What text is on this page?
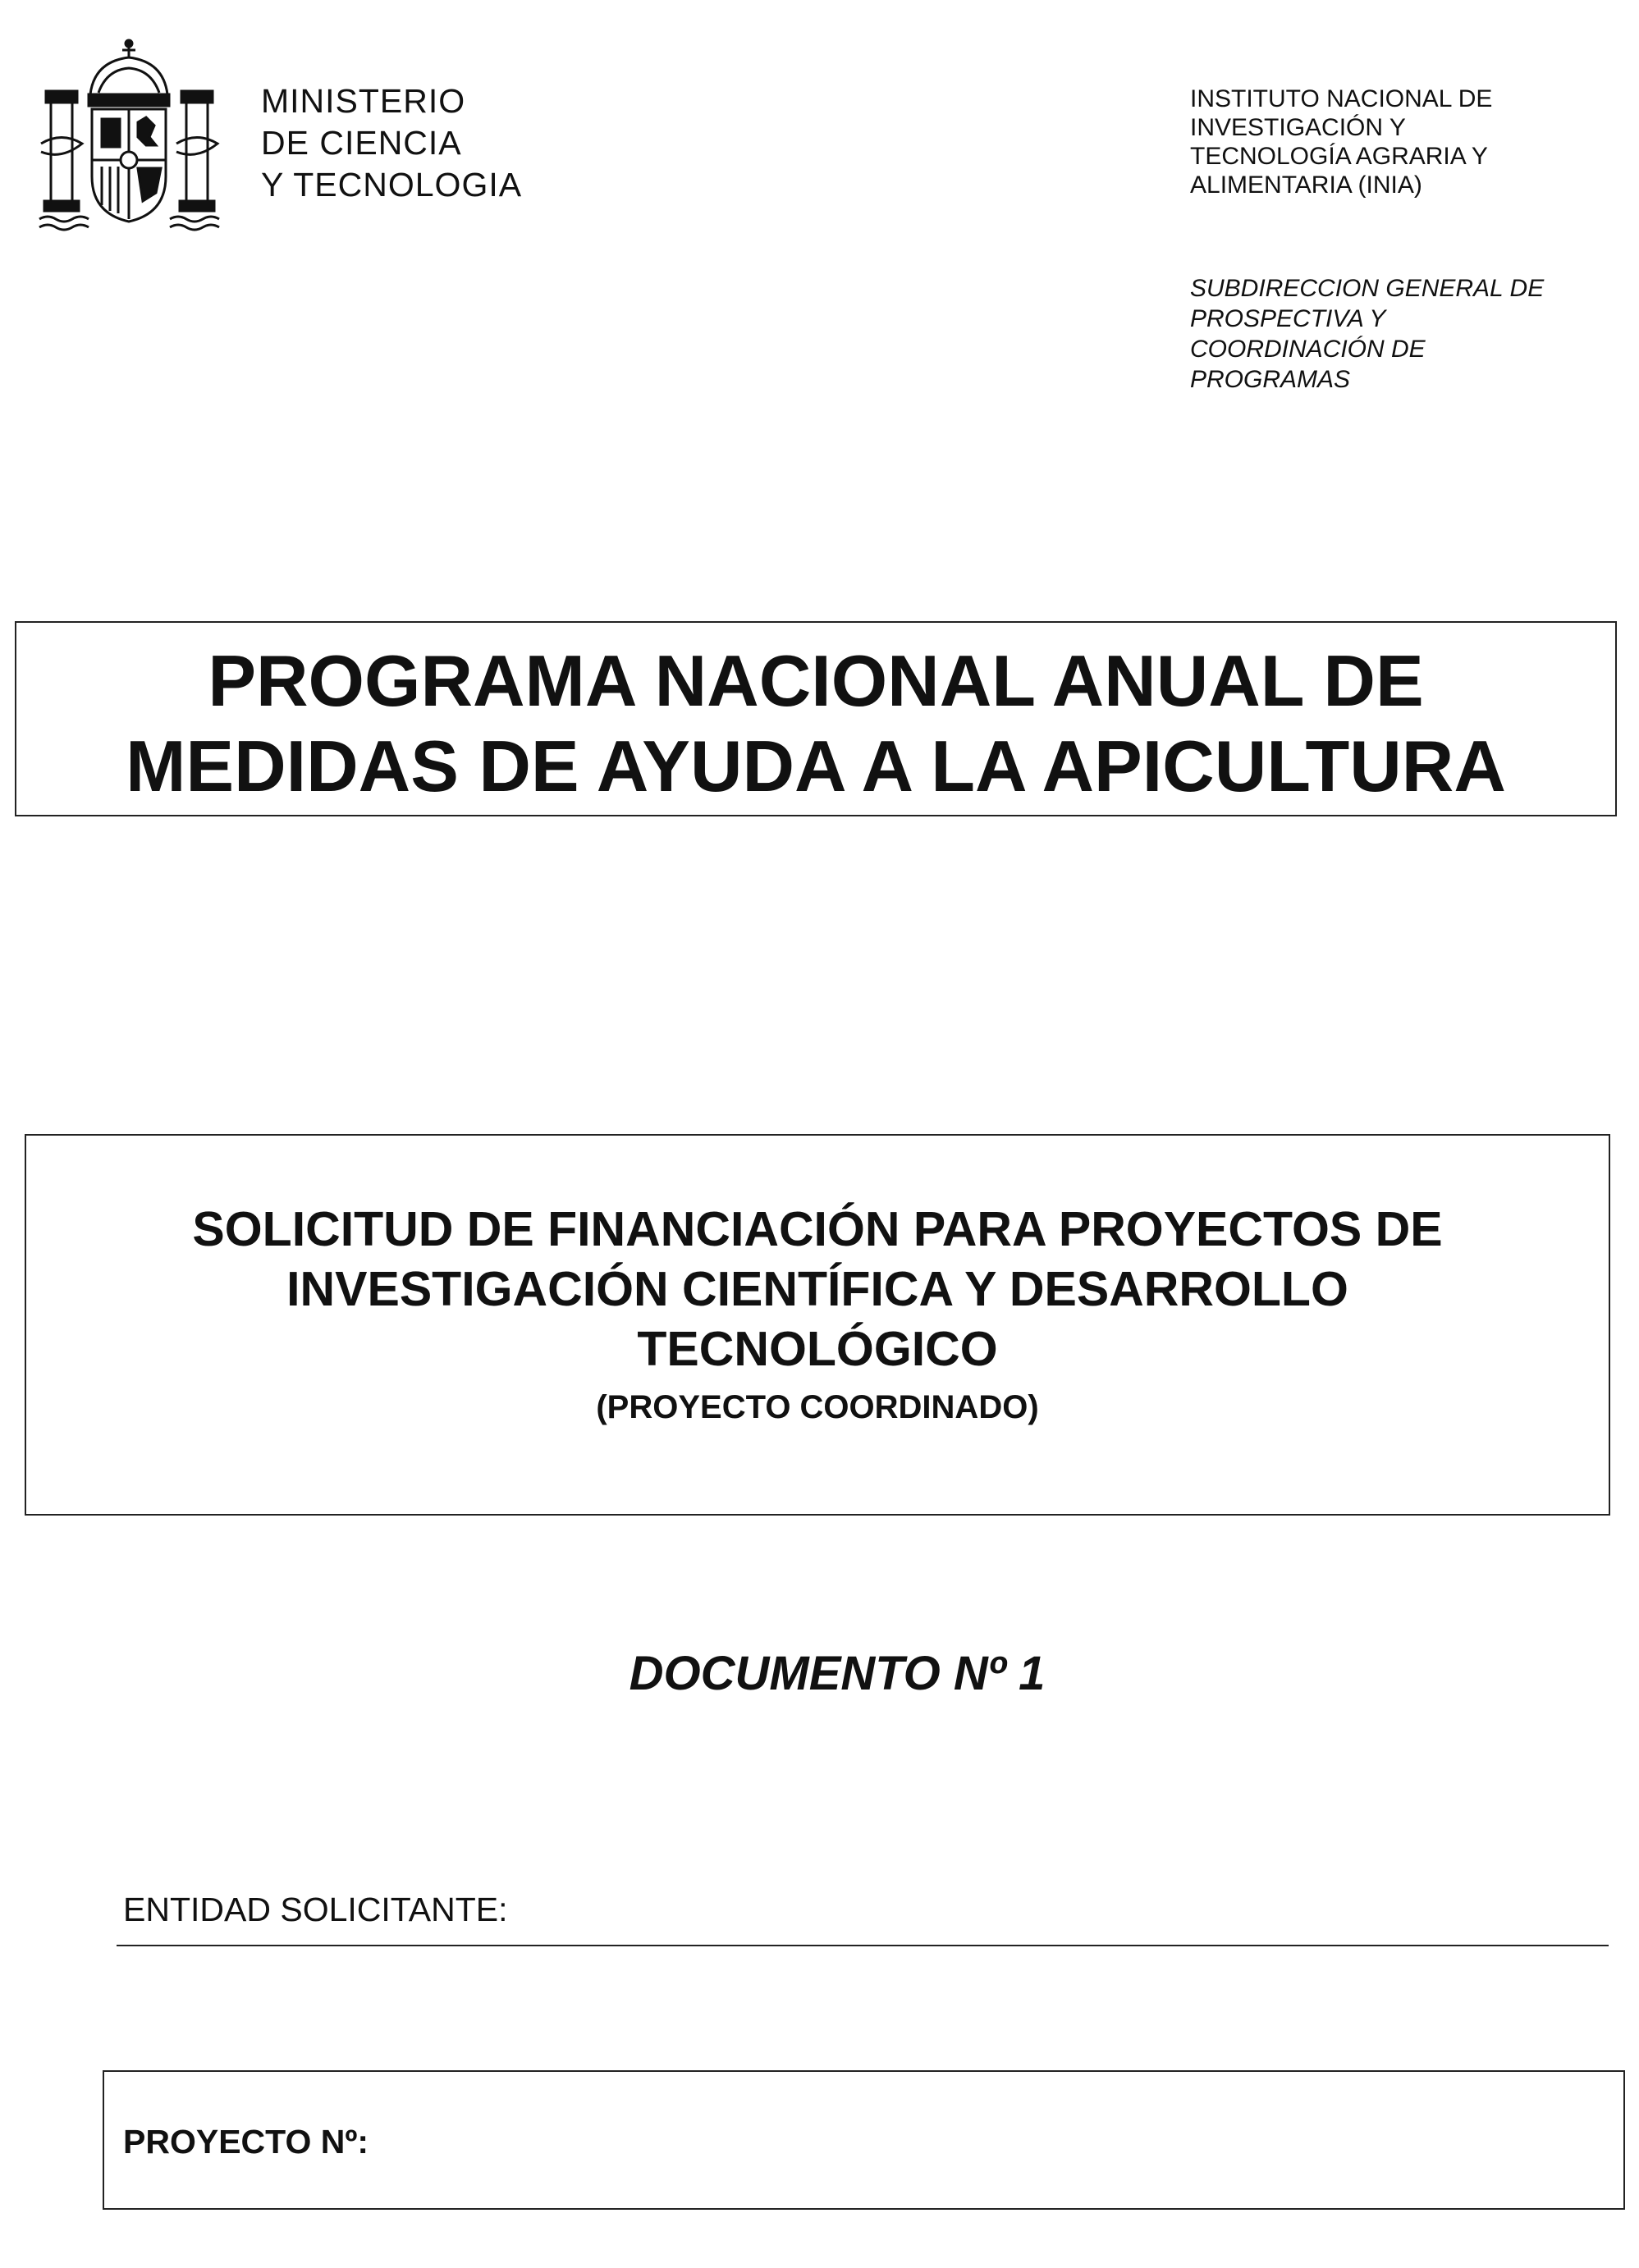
MINISTERIO
DE CIENCIA
Y TECNOLOGIA
INSTITUTO NACIONAL DE
INVESTIGACIÓN Y
TECNOLOGÍA AGRARIA Y
ALIMENTARIA (INIA)
SUBDIRECCION GENERAL DE
PROSPECTIVA Y
COORDINACIÓN DE
PROGRAMAS
PROGRAMA NACIONAL ANUAL DE
MEDIDAS DE AYUDA A LA APICULTURA
SOLICITUD DE FINANCIACIÓN PARA PROYECTOS DE
INVESTIGACIÓN CIENTÍFICA Y DESARROLLO
TECNOLÓGICO
(PROYECTO COORDINADO)
DOCUMENTO Nº 1
ENTIDAD SOLICITANTE:
PROYECTO Nº:
